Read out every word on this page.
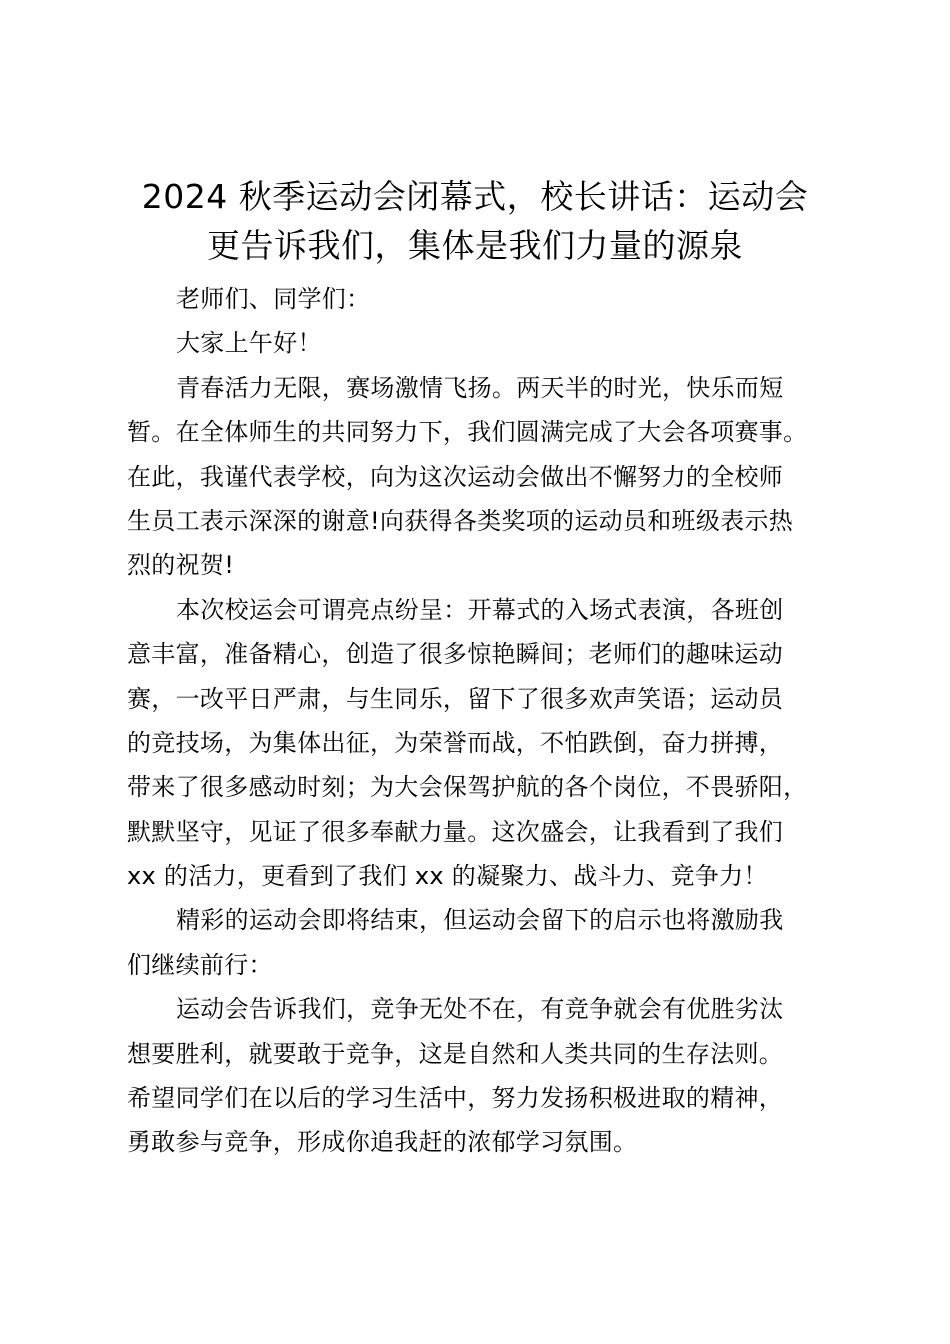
2024 秋季运动会闭幕式，校长讲话：运动会
更告诉我们，集体是我们力量的源泉
老师们、同学们：
大家上午好！
青春活力无限，赛场激情飞扬。两天半的时光，快乐而短
暂。在全体师生的共同努力下，我们圆满完成了大会各项赛事。
在此，我谨代表学校，向为这次运动会做出不懈努力的全校师
生员工表示深深的谢意!向获得各类奖项的运动员和班级表示热
烈的祝贺!
本次校运会可谓亮点纷呈：开幕式的入场式表演，各班创
意丰富，准备精心，创造了很多惊艳瞬间；老师们的趣味运动
赛，一改平日严肃，与生同乐，留下了很多欢声笑语；运动员
的竞技场，为集体出征，为荣誉而战，不怕跌倒，奋力拼搏，
带来了很多感动时刻；为大会保驾护航的各个岗位，不畏骄阳，
默默坚守，见证了很多奉献力量。这次盛会，让我看到了我们
xx 的活力，更看到了我们 xx 的凝聚力、战斗力、竞争力！
精彩的运动会即将结束，但运动会留下的启示也将激励我
们继续前行：
运动会告诉我们，竞争无处不在，有竞争就会有优胜劣汰
想要胜利，就要敢于竞争，这是自然和人类共同的生存法则。
希望同学们在以后的学习生活中，努力发扬积极进取的精神，
勇敢参与竞争，形成你追我赶的浓郁学习氛围。
